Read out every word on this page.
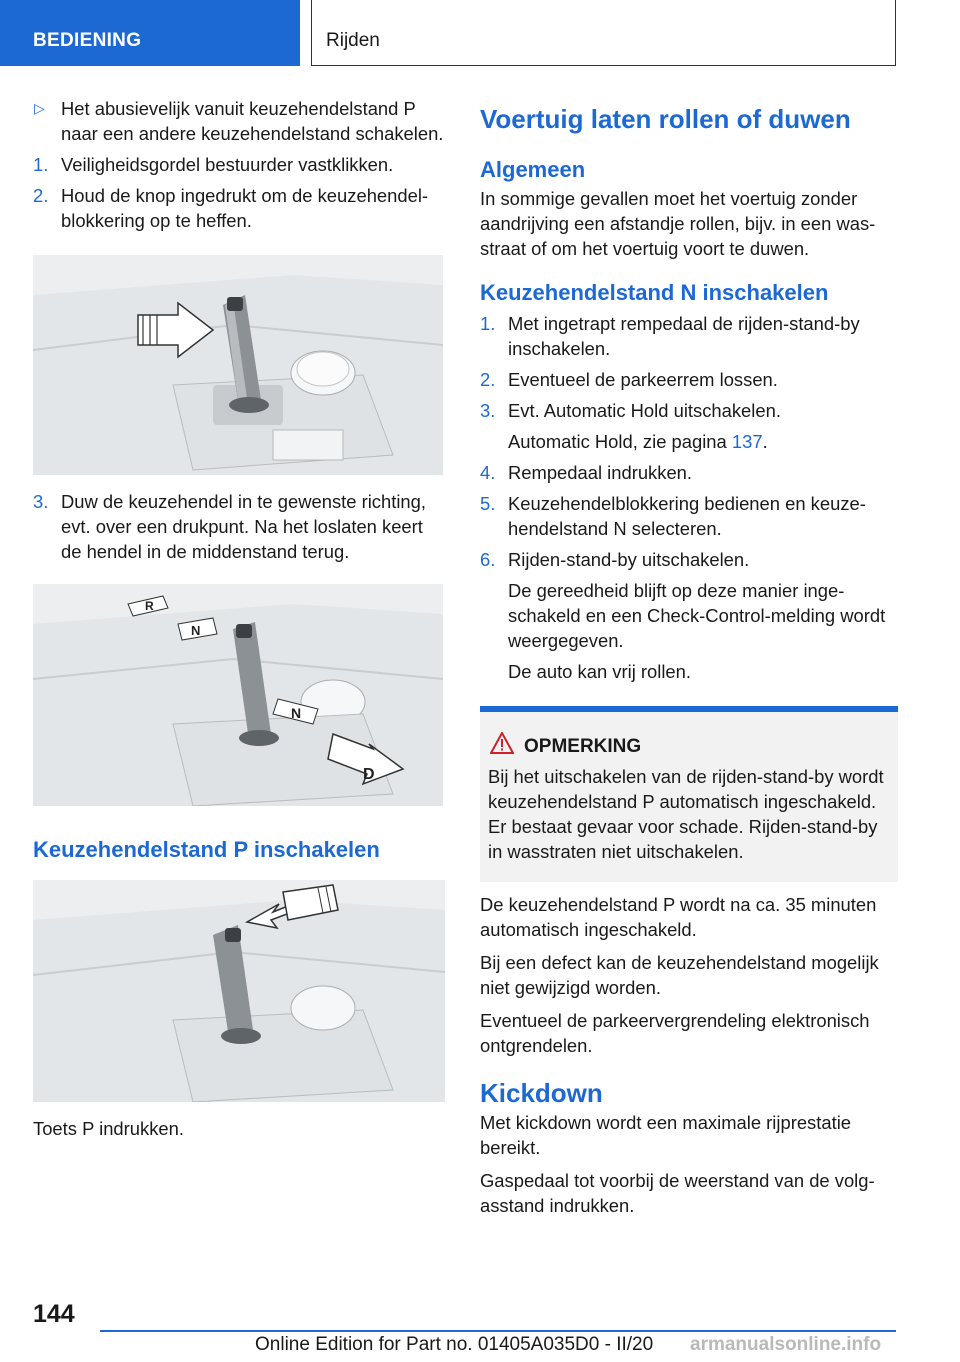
BEDIENING	Rijden
▷ Het abusievelijk vanuit keuzehendelstand P naar een andere keuzehendelstand schakelen.
1. Veiligheidsgordel bestuurder vastklikken.
2. Houd de knop ingedrukt om de keuzehendelblokkering op te heffen.
3. Duw de keuzehendel in te gewenste richting, evt. over een drukpunt. Na het loslaten keert de hendel in de middenstand terug.
R
N
N
D
Keuzehendelstand P inschakelen

Toets P indrukken.

Voertuig laten rollen of duwen
Algemeen

In sommige gevallen moet het voertuig zonder aandrijving een afstandje rollen, bijv. in een wasstraat of om het voertuig voort te duwen.

Keuzehendelstand N inschakelen
1. Met ingetrapt rempedaal de rijden-stand-by inschakelen.
2. Eventueel de parkeerrem lossen.
3. Evt. Automatic Hold uitschakelen.

Automatic Hold, zie pagina 137.

4. Rempedaal indrukken.
5. Keuzehendelblokkering bedienen en keuzehendelstand N selecteren.
6. Rijden-stand-by uitschakelen.

De gereedheid blijft op deze manier ingeschakeld en een Check-Control-melding wordt weergegeven.

De auto kan vrij rollen.

OPMERKING

Bij het uitschakelen van de rijden-stand-by wordt keuzehendelstand P automatisch ingeschakeld. Er bestaat gevaar voor schade. Rijden-stand-by in wasstraten niet uitschakelen.

De keuzehendelstand P wordt na ca. 35 minuten automatisch ingeschakeld.

Bij een defect kan de keuzehendelstand mogelijk niet gewijzigd worden.

Eventueel de parkeervergrendeling elektronisch ontgrendelen.

Kickdown

Met kickdown wordt een maximale rijprestatie bereikt.

Gaspedaal tot voorbij de weerstand van de volgasstand indrukken.

144
Online Edition for Part no. 01405A035D0 - II/20 armanualsonline.info
